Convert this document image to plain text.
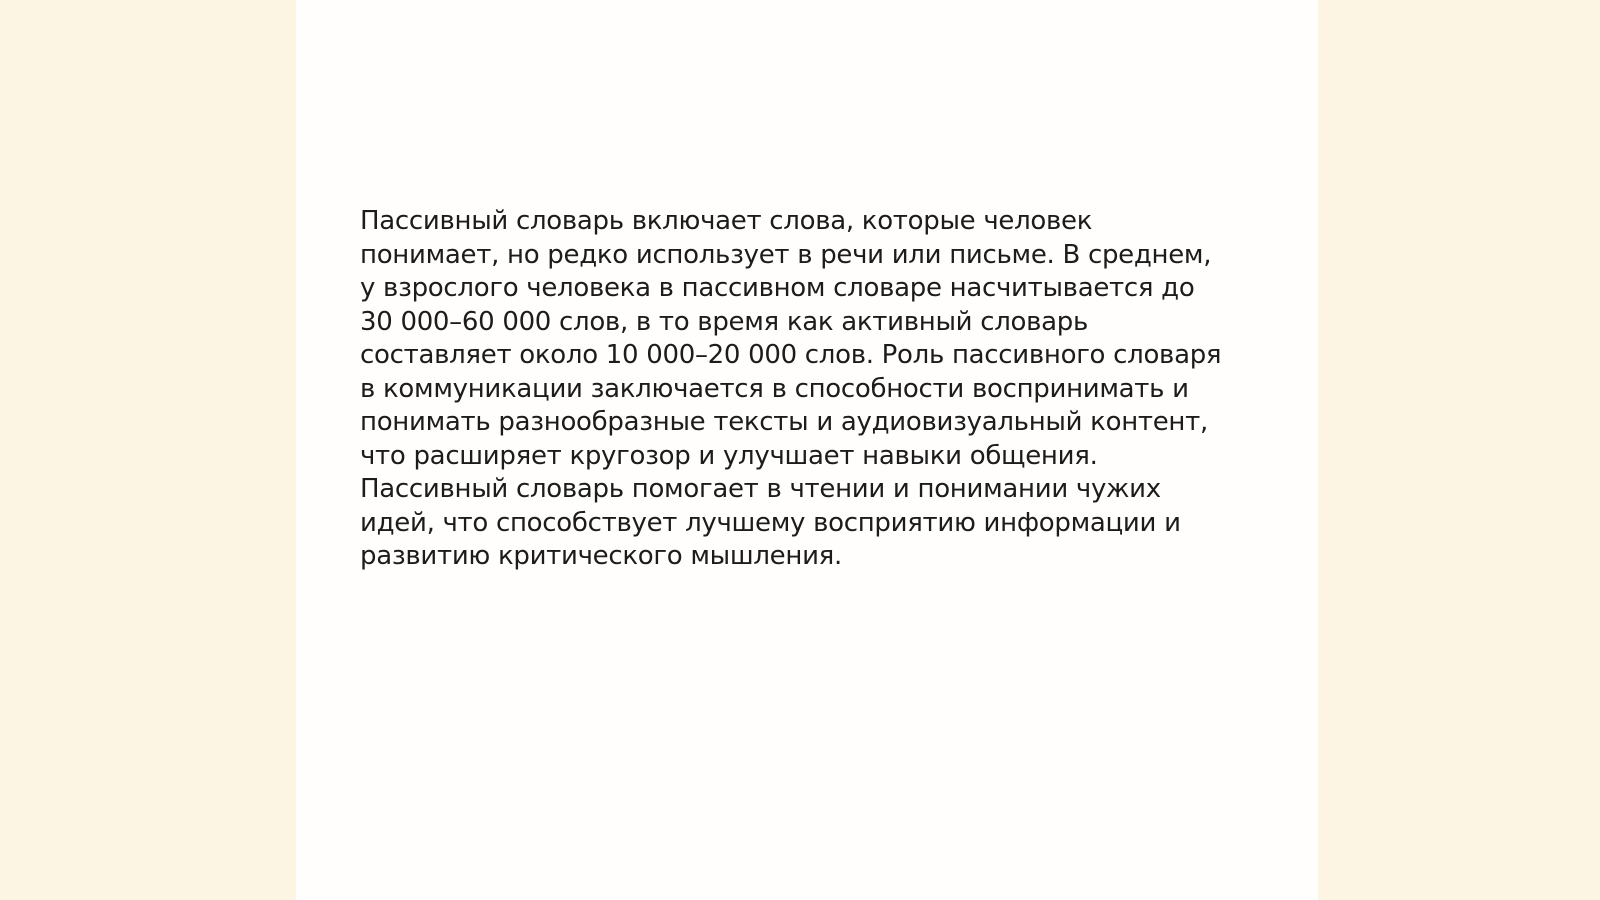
Пассивный словарь включает слова, которые человек
понимает, но редко использует в речи или письме. В среднем,
у взрослого человека в пассивном словаре насчитывается до
30 000–60 000 слов, в то время как активный словарь
составляет около 10 000–20 000 слов. Роль пассивного словаря
в коммуникации заключается в способности воспринимать и
понимать разнообразные тексты и аудиовизуальный контент,
что расширяет кругозор и улучшает навыки общения.
Пассивный словарь помогает в чтении и понимании чужих
идей, что способствует лучшему восприятию информации и
развитию критического мышления.
